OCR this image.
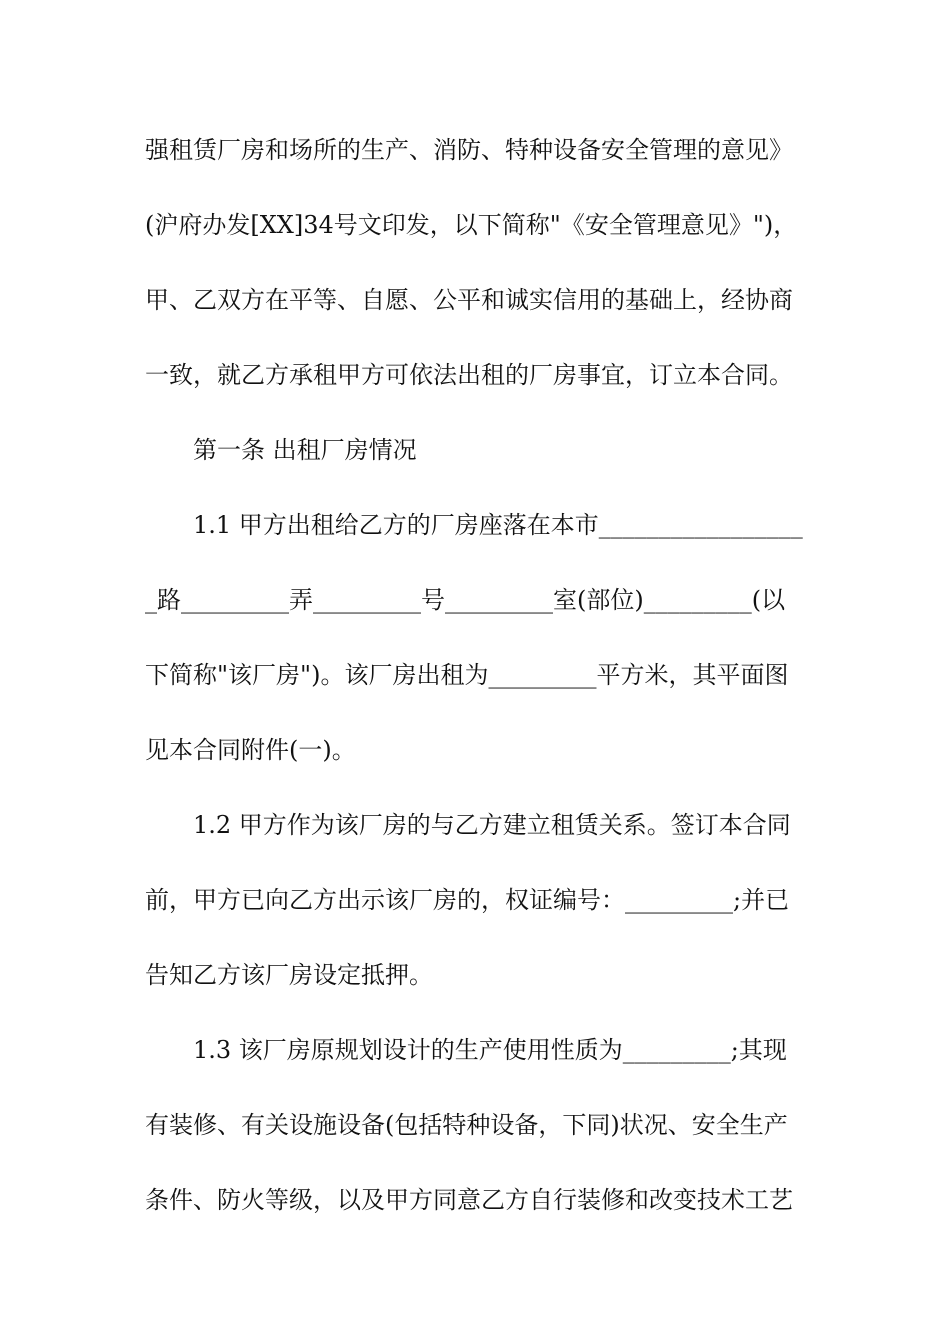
强租赁厂房和场所的生产、消防、特种设备安全管理的意见》
(沪府办发[XX]34号文印发，以下简称"《安全管理意见》")，
甲、乙双方在平等、自愿、公平和诚实信用的基础上，经协商
一致，就乙方承租甲方可依法出租的厂房事宜，订立本合同。
第一条 出租厂房情况
1.1 甲方出租给乙方的厂房座落在本市_________________
_路_________弄_________号_________室(部位)_________(以
下简称"该厂房")。该厂房出租为_________平方米，其平面图
见本合同附件(一)。
1.2 甲方作为该厂房的与乙方建立租赁关系。签订本合同
前，甲方已向乙方出示该厂房的，权证编号：_________;并已
告知乙方该厂房设定抵押。
1.3 该厂房原规划设计的生产使用性质为_________;其现
有装修、有关设施设备(包括特种设备，下同)状况、安全生产
条件、防火等级，以及甲方同意乙方自行装修和改变技术工艺
